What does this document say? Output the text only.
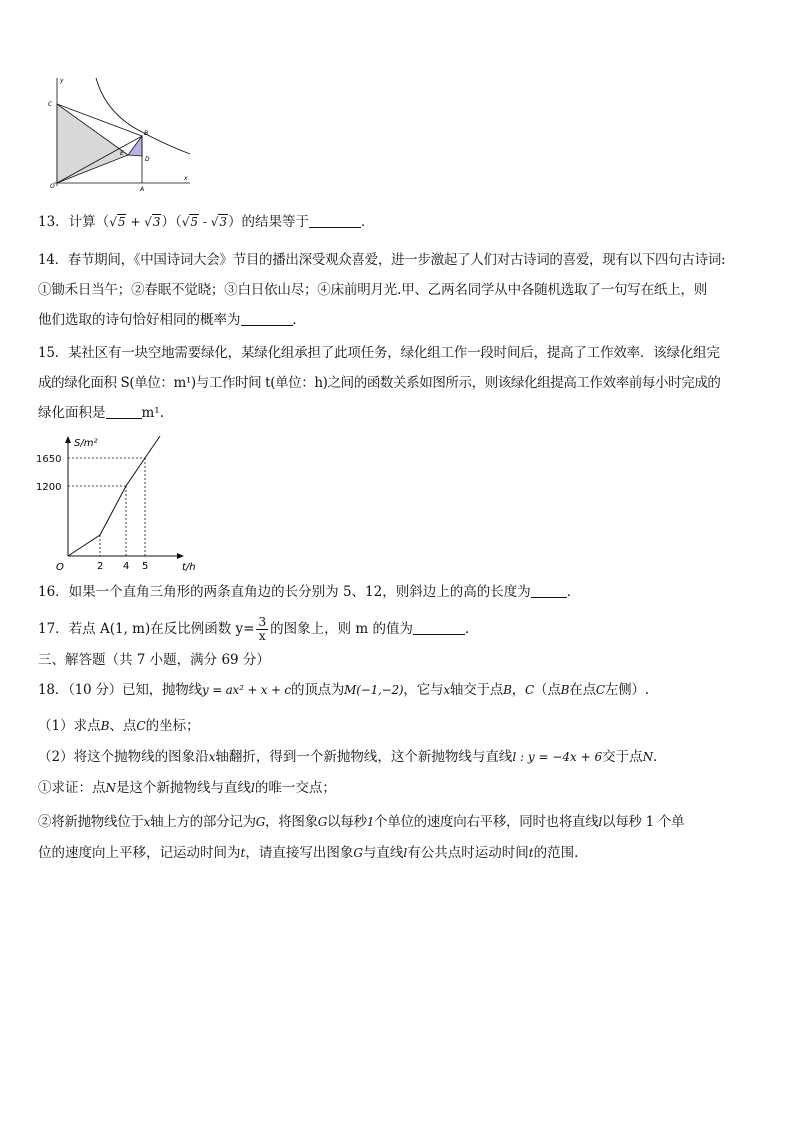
y
x
C
B
E
D
O	A
13．计算（√5 + √3）（√5 - √3）的结果等于	．
14．春节期间，《中国诗词大会》节目的播出深受观众喜爱，进一步激起了人们对古诗词的喜爱，现有以下四句古诗词:
①锄禾日当午；②春眠不觉晓；③白日依山尽；④床前明月光.甲、乙两名同学从中各随机选取了一句写在纸上，则
他们选取的诗句恰好相同的概率为	．
15．某社区有一块空地需要绿化，某绿化组承担了此项任务，绿化组工作一段时间后，提高了工作效率．该绿化组完
成的绿化面积 S(单位：m¹)与工作时间 t(单位：h)之间的函数关系如图所示，则该绿化组提高工作效率前每小时完成的
绿化面积是	m¹.
S/m²
t/h
O
1650
1200
2 4 5
16．如果一个直角三角形的两条直角边的长分别为 5、12，则斜边上的高的长度为	．
17．若点 A(1, m)在反比例函数 $y= \frac{3}{x}$ 的图象上，则 m 的值为	．
三、解答题（共 7 小题，满分 69 分）
18．（10 分）已知，抛物线y = ax² + x + c的顶点为M(−1,−2)，它与x轴交于点B，C（点B在点C左侧）.
（1）求点B、点C的坐标；
（2）将这个抛物线的图象沿x轴翻折，得到一个新抛物线，这个新抛物线与直线l : y = −4x + 6交于点N．
①求证：点N是这个新抛物线与直线l的唯一交点；
②将新抛物线位于x轴上方的部分记为G，将图象G以每秒1个单位的速度向右平移，同时也将直线l以每秒 1 个单
位的速度向上平移，记运动时间为t，请直接写出图象G与直线l有公共点时运动时间t的范围.
